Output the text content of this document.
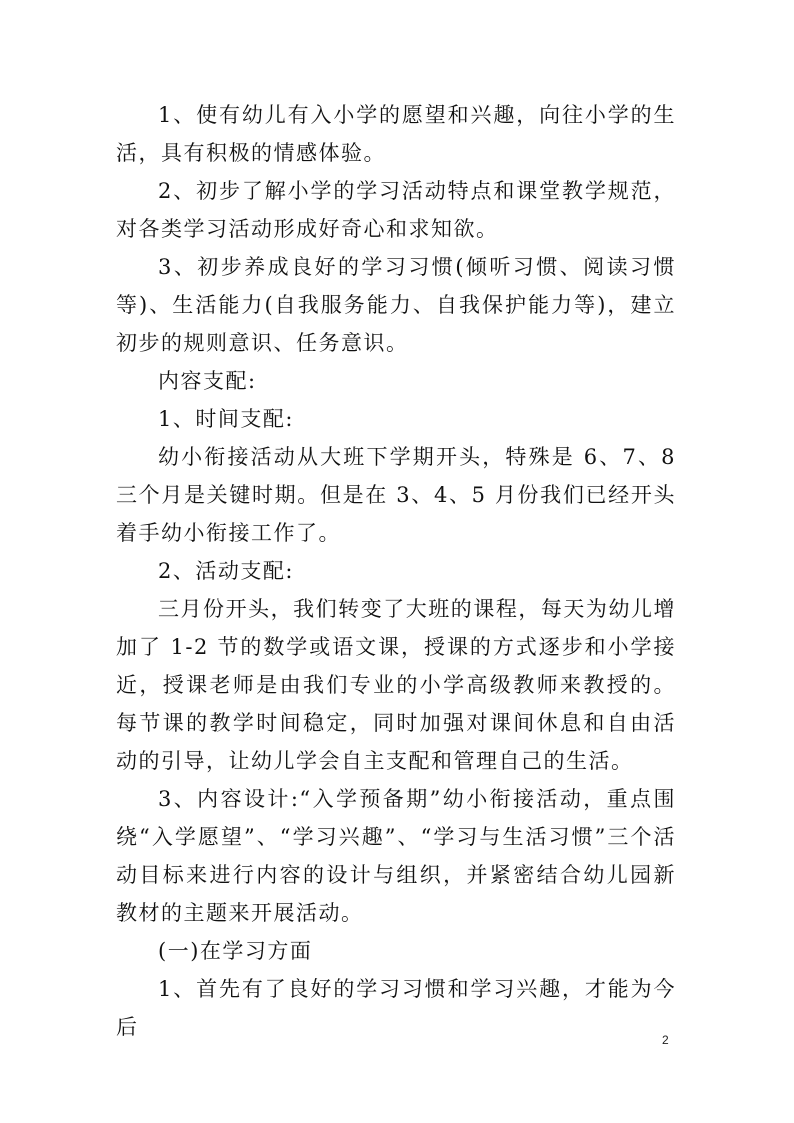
1、使有幼儿有入小学的愿望和兴趣，向往小学的生活，具有积极的情感体验。

2、初步了解小学的学习活动特点和课堂教学规范，对各类学习活动形成好奇心和求知欲。

3、初步养成良好的学习习惯(倾听习惯、阅读习惯等)、生活能力(自我服务能力、自我保护能力等)，建立初步的规则意识、任务意识。

内容支配:

1、时间支配:

幼小衔接活动从大班下学期开头，特殊是 6、7、8 三个月是关键时期。但是在 3、4、5 月份我们已经开头着手幼小衔接工作了。

2、活动支配:

三月份开头，我们转变了大班的课程，每天为幼儿增加了 1-2 节的数学或语文课，授课的方式逐步和小学接近，授课老师是由我们专业的小学高级教师来教授的。每节课的教学时间稳定，同时加强对课间休息和自由活动的引导，让幼儿学会自主支配和管理自己的生活。

3、内容设计:“入学预备期”幼小衔接活动，重点围绕“入学愿望”、“学习兴趣”、“学习与生活习惯”三个活动目标来进行内容的设计与组织，并紧密结合幼儿园新教材的主题来开展活动。

(一)在学习方面

1、首先有了良好的学习习惯和学习兴趣，才能为今后

2
